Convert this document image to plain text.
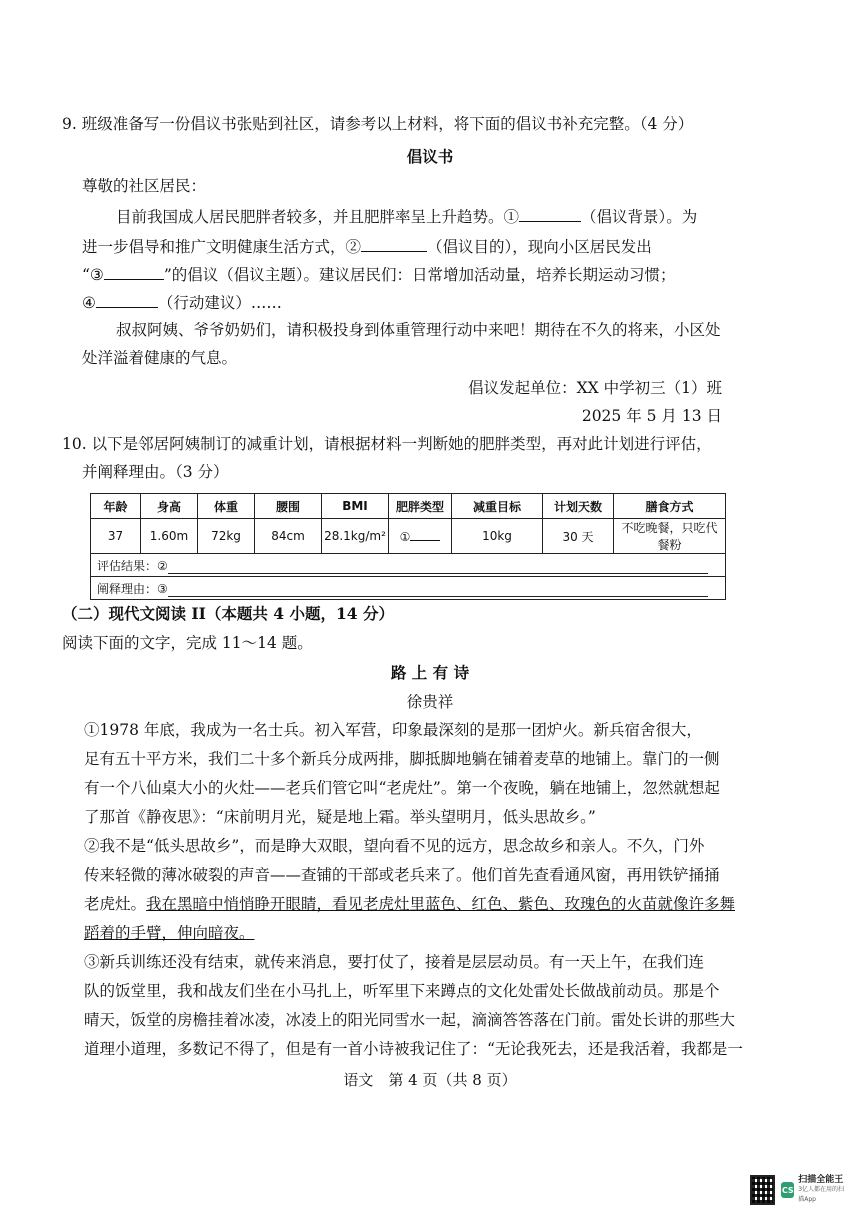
9. 班级准备写一份倡议书张贴到社区，请参考以上材料，将下面的倡议书补充完整。（4 分）
倡议书
尊敬的社区居民：
目前我国成人居民肥胖者较多，并且肥胖率呈上升趋势。①	（倡议背景）。为
进一步倡导和推广文明健康生活方式，②	（倡议目的），现向小区居民发出
“③	”的倡议（倡议主题）。建议居民们：日常增加活动量，培养长期运动习惯；
④	（行动建议）……
叔叔阿姨、爷爷奶奶们，请积极投身到体重管理行动中来吧！期待在不久的将来，小区处
处洋溢着健康的气息。
倡议发起单位：XX 中学初三（1）班
2025 年 5 月 13 日
10. 以下是邻居阿姨制订的减重计划，请根据材料一判断她的肥胖类型，再对此计划进行评估，
并阐释理由。（3 分）
年龄	身高	体重	腰围	BMI	肥胖类型	减重目标	计划天数	膳食方式
37	1.60m	72kg	84cm	28.1kg/m²	①	10kg	30 天	不吃晚餐，只吃代餐粉
评估结果：②								
阐释理由：③								
（二）现代文阅读 II（本题共 4 小题，14 分）
阅读下面的文字，完成 11～14 题。
路 上 有 诗
徐贵祥
①1978 年底，我成为一名士兵。初入军营，印象最深刻的是那一团炉火。新兵宿舍很大，
足有五十平方米，我们二十多个新兵分成两排，脚抵脚地躺在铺着麦草的地铺上。靠门的一侧
有一个八仙桌大小的火灶——老兵们管它叫“老虎灶”。第一个夜晚，躺在地铺上，忽然就想起
了那首《静夜思》：“床前明月光，疑是地上霜。举头望明月，低头思故乡。”
②我不是“低头思故乡”，而是睁大双眼，望向看不见的远方，思念故乡和亲人。不久，门外
传来轻微的薄冰破裂的声音——查铺的干部或老兵来了。他们首先查看通风窗，再用铁铲捅捅
老虎灶。我在黑暗中悄悄睁开眼睛，看见老虎灶里蓝色、红色、紫色、玫瑰色的火苗就像许多舞
蹈着的手臂，伸向暗夜。
③新兵训练还没有结束，就传来消息，要打仗了，接着是层层动员。有一天上午，在我们连
队的饭堂里，我和战友们坐在小马扎上，听军里下来蹲点的文化处雷处长做战前动员。那是个
晴天，饭堂的房檐挂着冰凌，冰凌上的阳光同雪水一起，滴滴答答落在门前。雷处长讲的那些大
道理小道理，多数记不得了，但是有一首小诗被我记住了：“无论我死去，还是我活着，我都是一
语文　第 4 页（共 8 页）
CS
扫描全能王
3亿人都在用的扫描App
